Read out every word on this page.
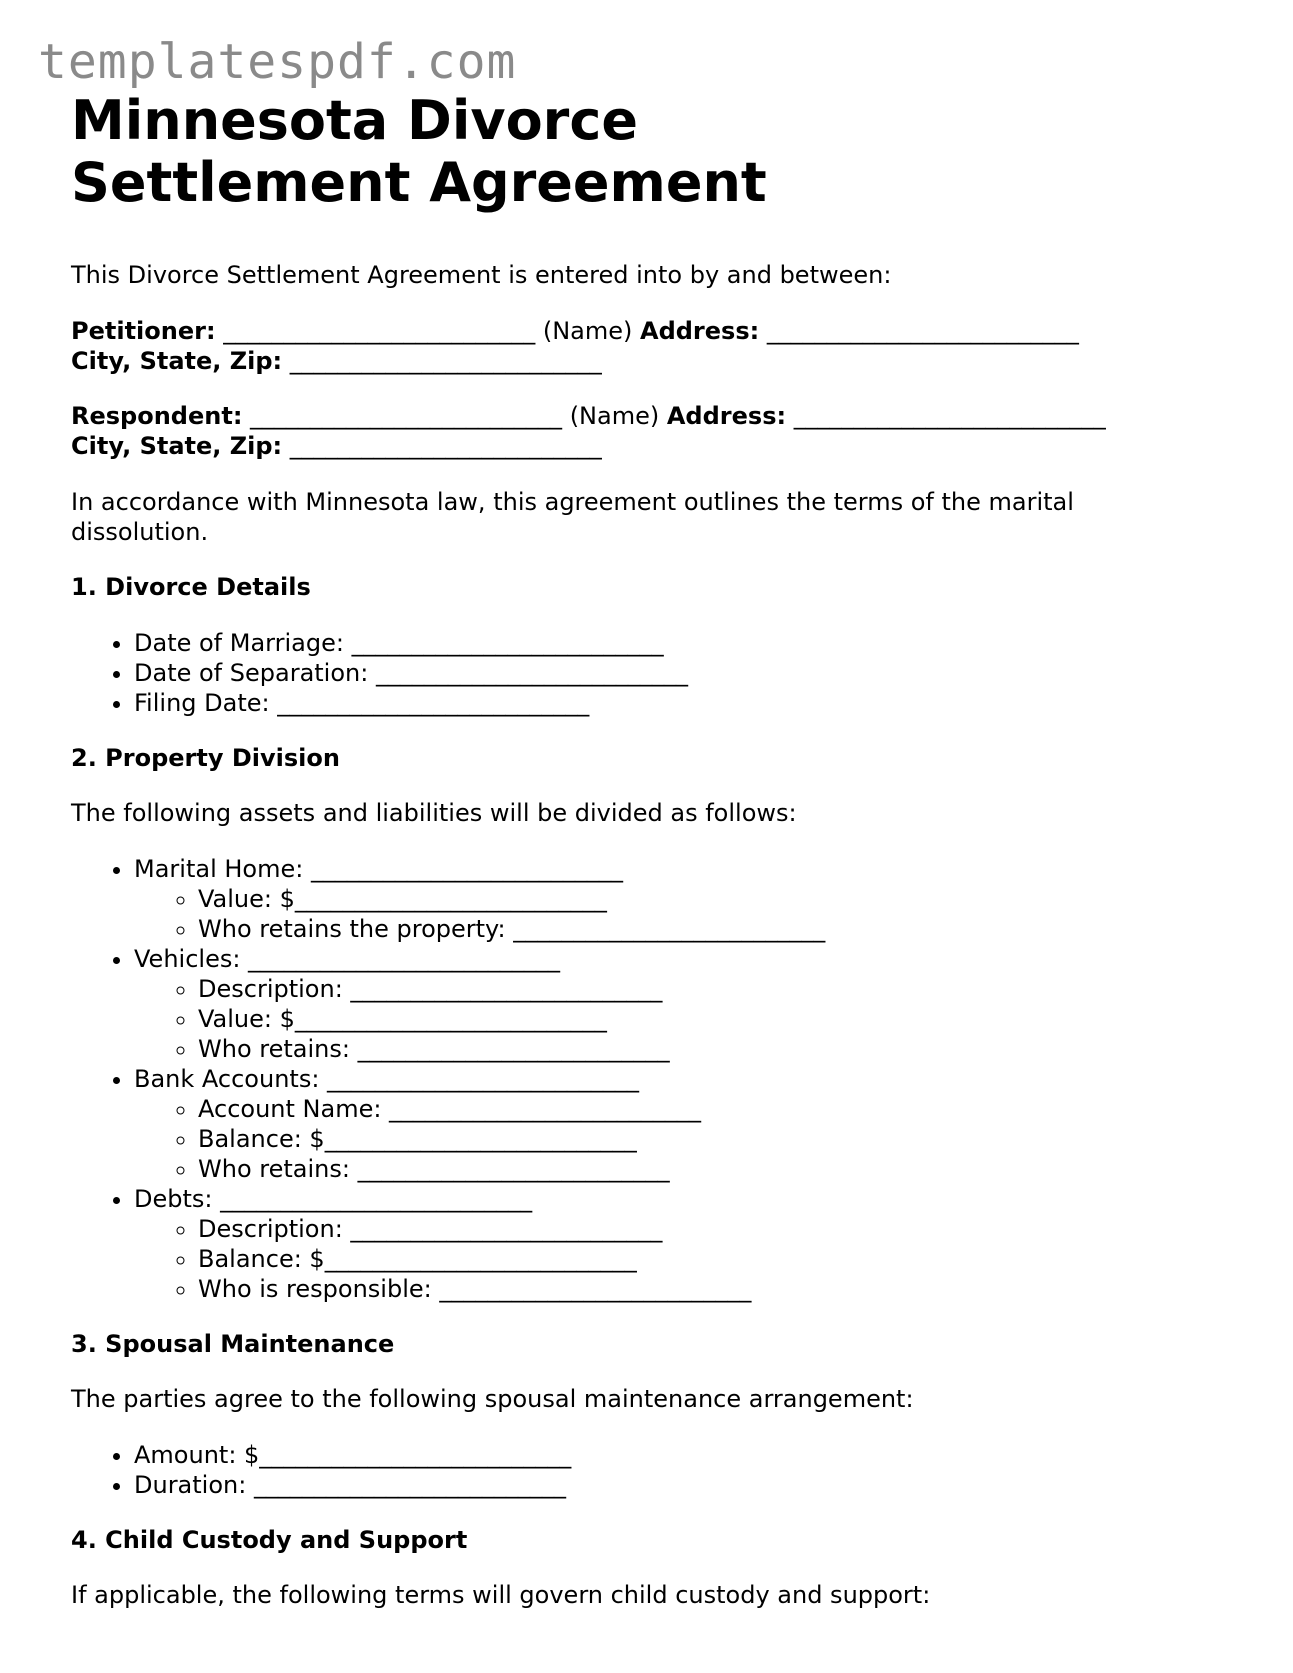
templatespdf.com
Minnesota Divorce Settlement Agreement

This Divorce Settlement Agreement is entered into by and between:

Petitioner: __________________________ (Name) Address: __________________________
City, State, Zip: __________________________

Respondent: __________________________ (Name) Address: __________________________
City, State, Zip: __________________________

In accordance with Minnesota law, this agreement outlines the terms of the marital dissolution.

1. Divorce Details
• Date of Marriage: __________________________
• Date of Separation: __________________________
• Filing Date: __________________________
2. Property Division

The following assets and liabilities will be divided as follows:

• Marital Home: __________________________
◦ Value: $__________________________
◦ Who retains the property: __________________________
• Vehicles: __________________________
◦ Description: __________________________
◦ Value: $__________________________
◦ Who retains: __________________________
• Bank Accounts: __________________________
◦ Account Name: __________________________
◦ Balance: $__________________________
◦ Who retains: __________________________
• Debts: __________________________
◦ Description: __________________________
◦ Balance: $__________________________
◦ Who is responsible: __________________________
3. Spousal Maintenance

The parties agree to the following spousal maintenance arrangement:

• Amount: $__________________________
• Duration: __________________________
4. Child Custody and Support

If applicable, the following terms will govern child custody and support:
